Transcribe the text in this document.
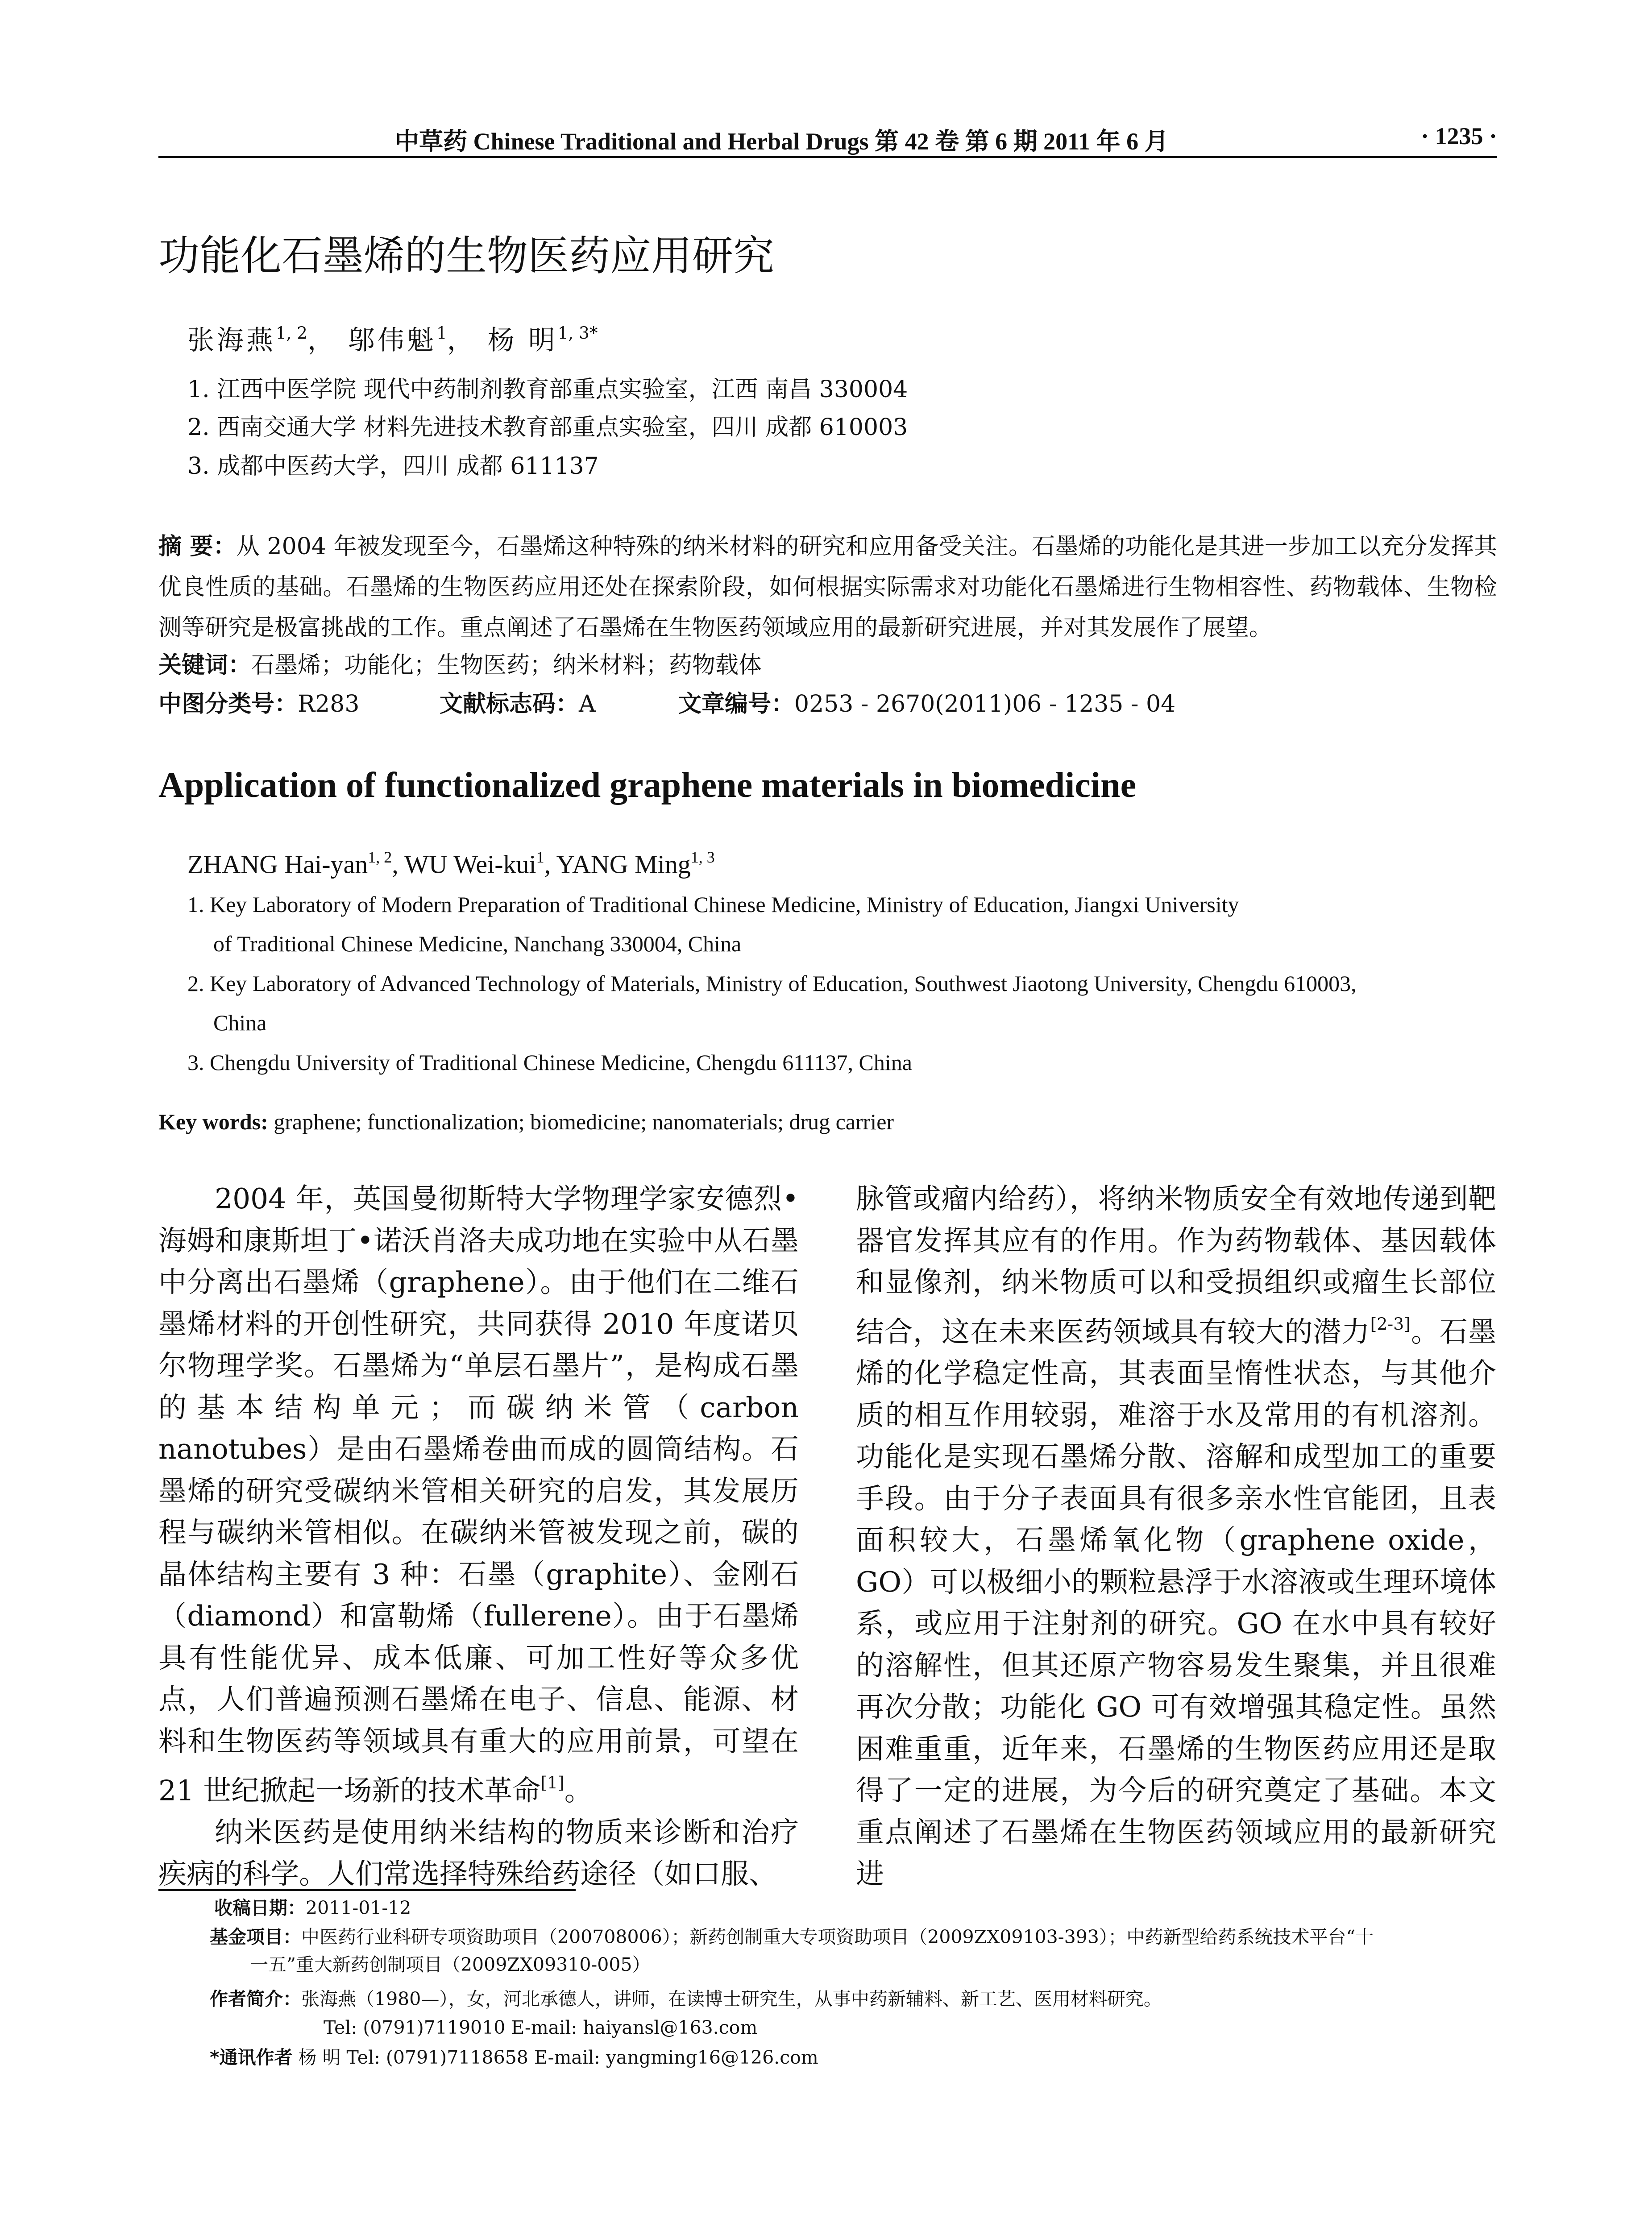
中草药 Chinese Traditional and Herbal Drugs 第 42 卷 第 6 期 2011 年 6 月	· 1235 ·
功能化石墨烯的生物医药应用研究
张海燕$^{1, 2}$， 邬伟魁$^1$， 杨 明$^{1, 3*}$
1. 江西中医学院 现代中药制剂教育部重点实验室，江西 南昌 330004
2. 西南交通大学 材料先进技术教育部重点实验室，四川 成都 610003
3. 成都中医药大学，四川 成都 611137
摘 要：从 2004 年被发现至今，石墨烯这种特殊的纳米材料的研究和应用备受关注。石墨烯的功能化是其进一步加工以充分发挥其优良性质的基础。石墨烯的生物医药应用还处在探索阶段，如何根据实际需求对功能化石墨烯进行生物相容性、药物载体、生物检测等研究是极富挑战的工作。重点阐述了石墨烯在生物医药领域应用的最新研究进展，并对其发展作了展望。
关键词：石墨烯；功能化；生物医药；纳米材料；药物载体
中图分类号：R283	文献标志码：A	文章编号：0253 - 2670(2011)06 - 1235 - 04
Application of functionalized graphene materials in biomedicine
ZHANG Hai-yan$^{1, 2}$, WU Wei-kui$^1$, YANG Ming$^{1, 3}$
1. Key Laboratory of Modern Preparation of Traditional Chinese Medicine, Ministry of Education, Jiangxi University
of Traditional Chinese Medicine, Nanchang 330004, China
2. Key Laboratory of Advanced Technology of Materials, Ministry of Education, Southwest Jiaotong University, Chengdu 610003,
China
3. Chengdu University of Traditional Chinese Medicine, Chengdu 611137, China
Key words: graphene; functionalization; biomedicine; nanomaterials; drug carrier

2004 年，英国曼彻斯特大学物理学家安德烈•海姆和康斯坦丁•诺沃肖洛夫成功地在实验中从石墨中分离出石墨烯（graphene）。由于他们在二维石墨烯材料的开创性研究，共同获得 2010 年度诺贝尔物理学奖。石墨烯为“单层石墨片”，是构成石墨的基本结构单元；而碳纳米管（carbon nanotubes）是由石墨烯卷曲而成的圆筒结构。石墨烯的研究受碳纳米管相关研究的启发，其发展历程与碳纳米管相似。在碳纳米管被发现之前，碳的晶体结构主要有 3 种：石墨（graphite）、金刚石（diamond）和富勒烯（fullerene）。由于石墨烯具有性能优异、成本低廉、可加工性好等众多优点，人们普遍预测石墨烯在电子、信息、能源、材料和生物医药等领域具有重大的应用前景，可望在 21 世纪掀起一场新的技术革命[1]。

纳米医药是使用纳米结构的物质来诊断和治疗疾病的科学。人们常选择特殊给药途径（如口服、

脉管或瘤内给药），将纳米物质安全有效地传递到靶器官发挥其应有的作用。作为药物载体、基因载体和显像剂，纳米物质可以和受损组织或瘤生长部位结合，这在未来医药领域具有较大的潜力[2-3]。石墨烯的化学稳定性高，其表面呈惰性状态，与其他介质的相互作用较弱，难溶于水及常用的有机溶剂。功能化是实现石墨烯分散、溶解和成型加工的重要手段。由于分子表面具有很多亲水性官能团，且表面积较大，石墨烯氧化物（graphene oxide，GO）可以极细小的颗粒悬浮于水溶液或生理环境体系，或应用于注射剂的研究。GO 在水中具有较好的溶解性，但其还原产物容易发生聚集，并且很难再次分散；功能化 GO 可有效增强其稳定性。虽然困难重重，近年来，石墨烯的生物医药应用还是取得了一定的进展，为今后的研究奠定了基础。本文重点阐述了石墨烯在生物医药领域应用的最新研究进

收稿日期：2011-01-12
基金项目：中医药行业科研专项资助项目（200708006）；新药创制重大专项资助项目（2009ZX09103-393）；中药新型给药系统技术平台“十
一五”重大新药创制项目（2009ZX09310-005）
作者简介：张海燕（1980—），女，河北承德人，讲师，在读博士研究生，从事中药新辅料、新工艺、医用材料研究。
Tel: (0791)7119010 E-mail: haiyansl@163.com
*通讯作者 杨 明 Tel: (0791)7118658 E-mail: yangming16@126.com
